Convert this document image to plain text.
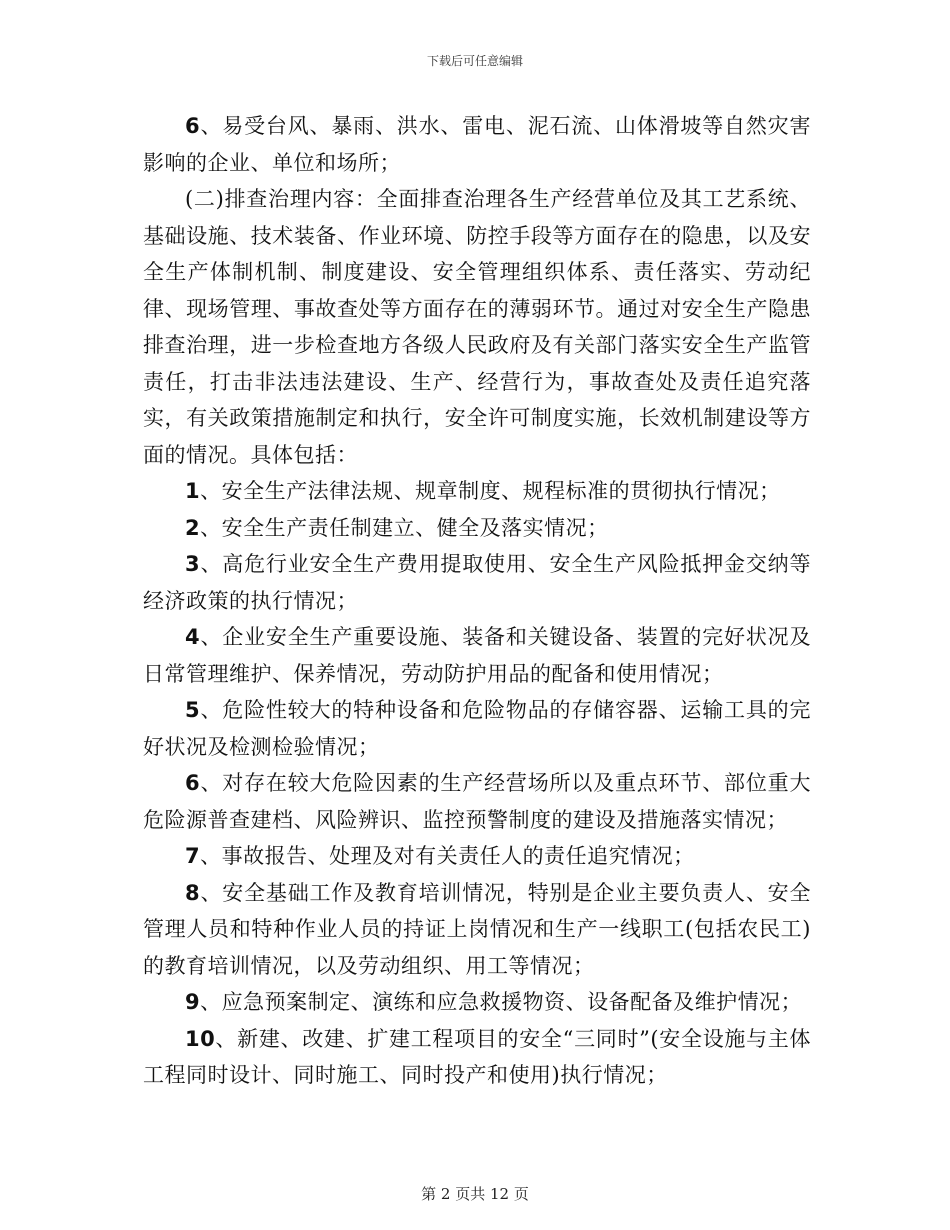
下载后可任意编辑

6、易受台风、暴雨、洪水、雷电、泥石流、山体滑坡等自然灾害影响的企业、单位和场所；

(二)排查治理内容：全面排查治理各生产经营单位及其工艺系统、基础设施、技术装备、作业环境、防控手段等方面存在的隐患，以及安全生产体制机制、制度建设、安全管理组织体系、责任落实、劳动纪律、现场管理、事故查处等方面存在的薄弱环节。通过对安全生产隐患排查治理，进一步检查地方各级人民政府及有关部门落实安全生产监管责任，打击非法违法建设、生产、经营行为，事故查处及责任追究落实，有关政策措施制定和执行，安全许可制度实施，长效机制建设等方面的情况。具体包括：

1、安全生产法律法规、规章制度、规程标准的贯彻执行情况；

2、安全生产责任制建立、健全及落实情况；

3、高危行业安全生产费用提取使用、安全生产风险抵押金交纳等经济政策的执行情况；

4、企业安全生产重要设施、装备和关键设备、装置的完好状况及日常管理维护、保养情况，劳动防护用品的配备和使用情况；

5、危险性较大的特种设备和危险物品的存储容器、运输工具的完好状况及检测检验情况；

6、对存在较大危险因素的生产经营场所以及重点环节、部位重大危险源普查建档、风险辨识、监控预警制度的建设及措施落实情况；

7、事故报告、处理及对有关责任人的责任追究情况；

8、安全基础工作及教育培训情况，特别是企业主要负责人、安全管理人员和特种作业人员的持证上岗情况和生产一线职工(包括农民工)的教育培训情况，以及劳动组织、用工等情况；

9、应急预案制定、演练和应急救援物资、设备配备及维护情况；

10、新建、改建、扩建工程项目的安全“三同时”(安全设施与主体工程同时设计、同时施工、同时投产和使用)执行情况；

第 2 页共 12 页
